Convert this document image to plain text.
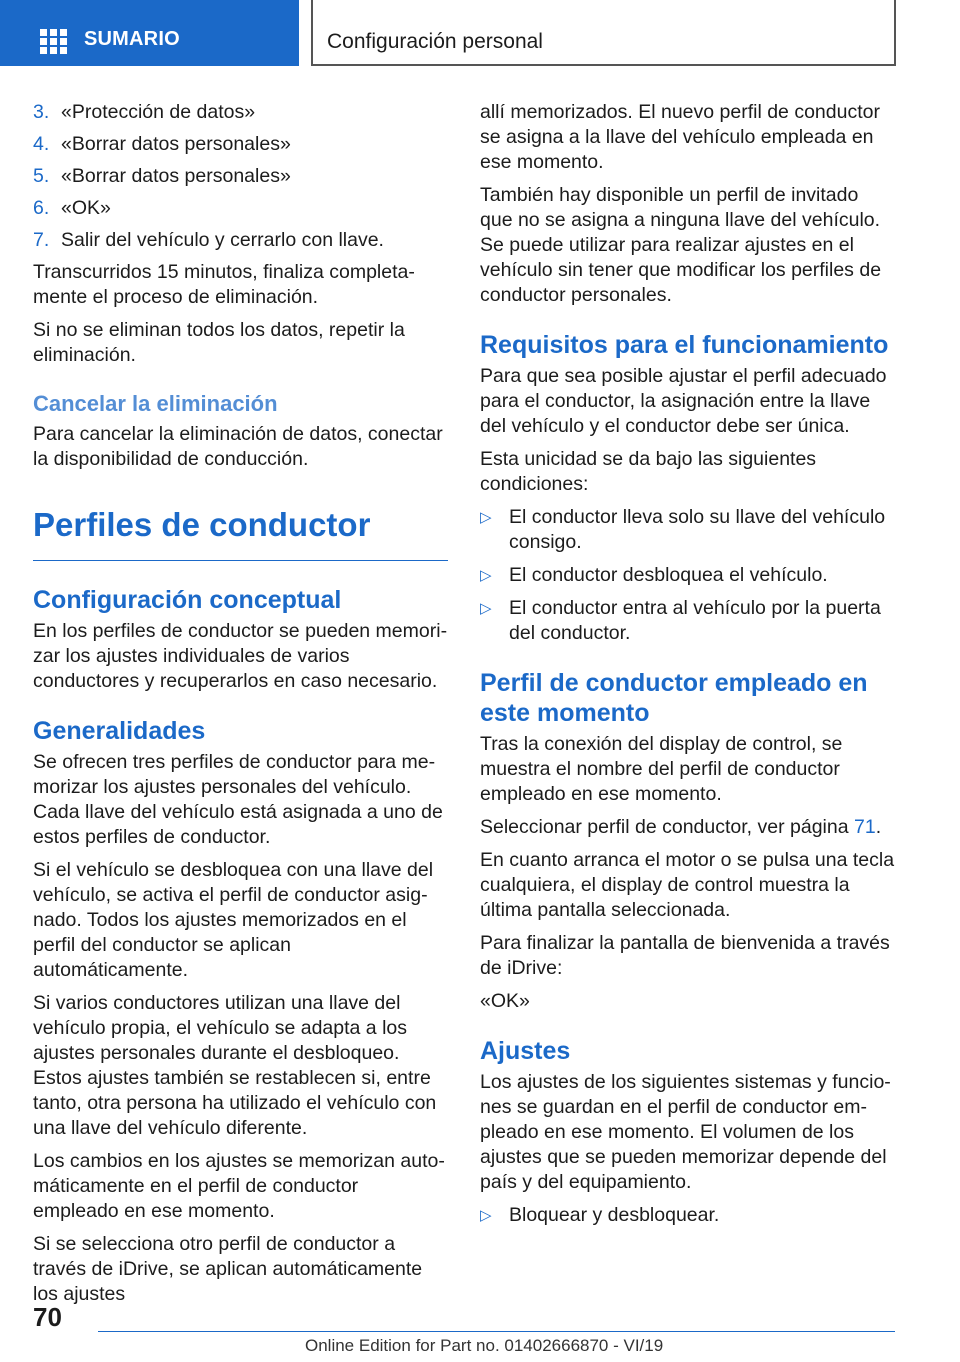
SUMARIO	Configuración personal
3. «Protección de datos»
4. «Borrar datos personales»
5. «Borrar datos personales»
6. «OK»
7. Salir del vehículo y cerrarlo con llave.

Transcurridos 15 minutos, finaliza completamente el proceso de eliminación.

Si no se eliminan todos los datos, repetir la eliminación.

Cancelar la eliminación

Para cancelar la eliminación de datos, conectar la disponibilidad de conducción.

Perfiles de conductor
Configuración conceptual

En los perfiles de conductor se pueden memorizar los ajustes individuales de varios conductores y recuperarlos en caso necesario.

Generalidades

Se ofrecen tres perfiles de conductor para memorizar los ajustes personales del vehículo. Cada llave del vehículo está asignada a uno de estos perfiles de conductor.

Si el vehículo se desbloquea con una llave del vehículo, se activa el perfil de conductor asignado. Todos los ajustes memorizados en el perfil del conductor se aplican automáticamente.

Si varios conductores utilizan una llave del vehículo propia, el vehículo se adapta a los ajustes personales durante el desbloqueo. Estos ajustes también se restablecen si, entre tanto, otra persona ha utilizado el vehículo con una llave del vehículo diferente.

Los cambios en los ajustes se memorizan automáticamente en el perfil de conductor empleado en ese momento.

Si se selecciona otro perfil de conductor a través de iDrive, se aplican automáticamente los ajustes

allí memorizados. El nuevo perfil de conductor se asigna a la llave del vehículo empleada en ese momento.

También hay disponible un perfil de invitado que no se asigna a ninguna llave del vehículo. Se puede utilizar para realizar ajustes en el vehículo sin tener que modificar los perfiles de conductor personales.

Requisitos para el funcionamiento

Para que sea posible ajustar el perfil adecuado para el conductor, la asignación entre la llave del vehículo y el conductor debe ser única.

Esta unicidad se da bajo las siguientes condiciones:

▷ El conductor lleva solo su llave del vehículo consigo.
▷ El conductor desbloquea el vehículo.
▷ El conductor entra al vehículo por la puerta del conductor.
Perfil de conductor empleado en este momento

Tras la conexión del display de control, se muestra el nombre del perfil de conductor empleado en ese momento.

Seleccionar perfil de conductor, ver página 71.

En cuanto arranca el motor o se pulsa una tecla cualquiera, el display de control muestra la última pantalla seleccionada.

Para finalizar la pantalla de bienvenida a través de iDrive:

«OK»

Ajustes

Los ajustes de los siguientes sistemas y funciones se guardan en el perfil de conductor empleado en ese momento. El volumen de los ajustes que se pueden memorizar depende del país y del equipamiento.

▷ Bloquear y desbloquear.
70
Online Edition for Part no. 01402666870 - VI/19
